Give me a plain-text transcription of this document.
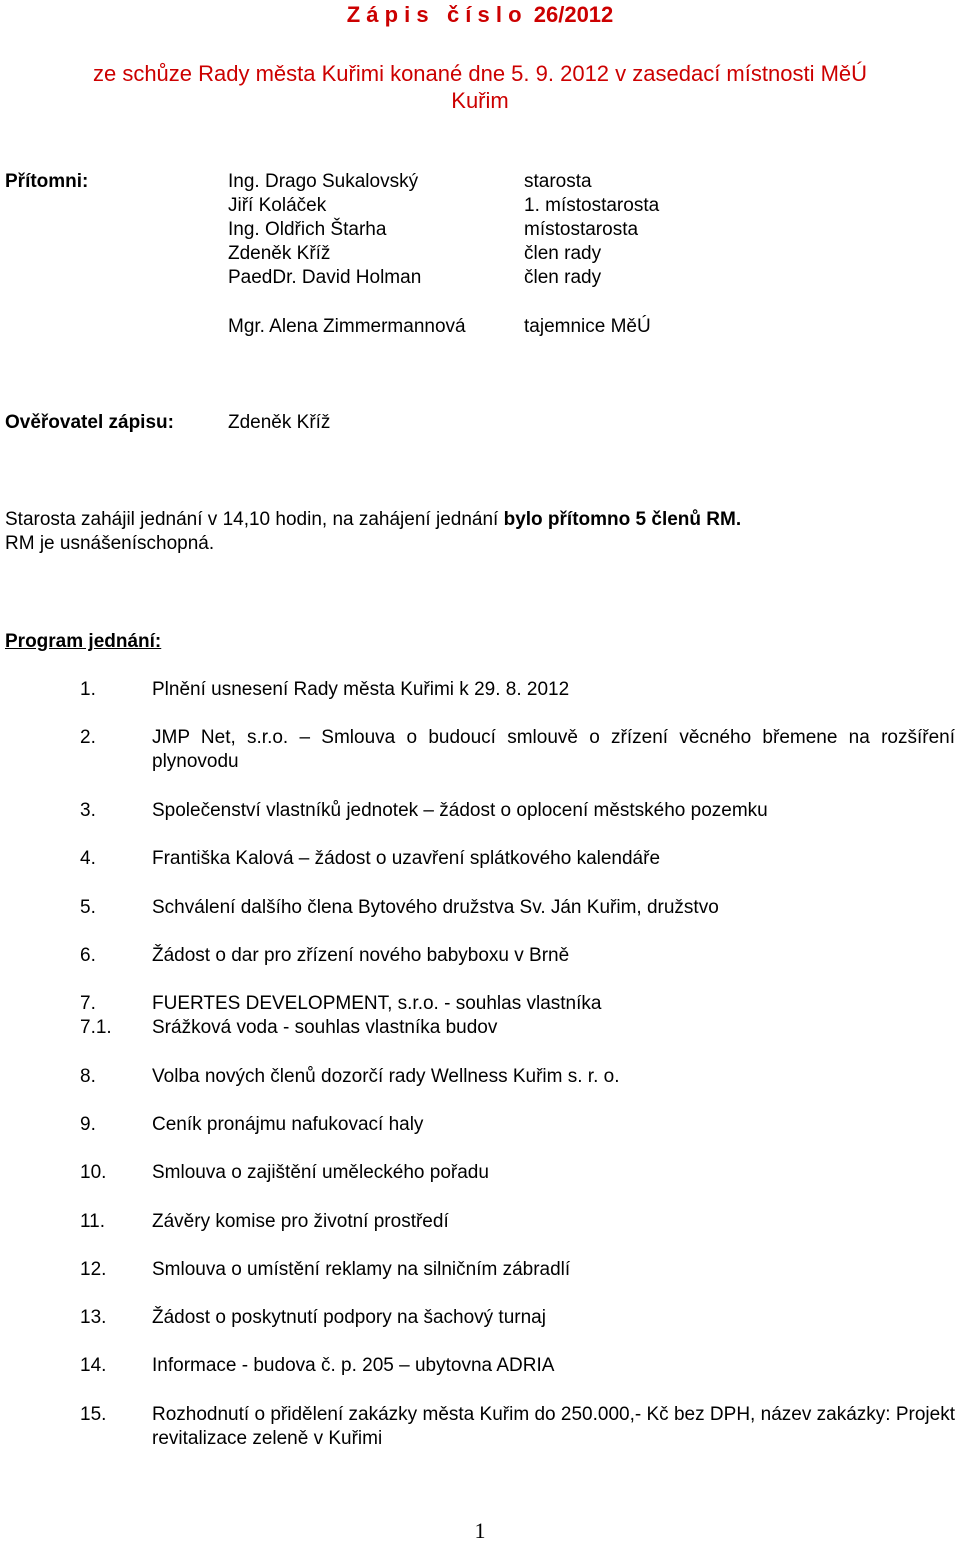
Z á p i s   č í s l o  26/2012
ze schůze Rady města Kuřimi konané dne 5. 9. 2012 v zasedací místnosti MěÚ
Kuřim
Přítomni:	Ing. Drago Sukalovský	starosta
Jiří Koláček	1. místostarosta
Ing. Oldřich Štarha	místostarosta
Zdeněk Kříž	člen rady
PaedDr. David Holman	člen rady
Mgr. Alena Zimmermannová	tajemnice MěÚ
Ověřovatel zápisu:	Zdeněk Kříž
Starosta zahájil jednání v 14,10 hodin, na zahájení jednání bylo přítomno 5 členů RM.
RM je usnášeníschopná.
Program jednání:
1.	Plnění usnesení Rady města Kuřimi k 29. 8. 2012
2.	JMP Net, s.r.o. – Smlouva o budoucí smlouvě o zřízení věcného břemene na rozšíření plynovodu
3.	Společenství vlastníků jednotek – žádost o oplocení městského pozemku
4.	Františka Kalová – žádost o uzavření splátkového kalendáře
5.	Schválení dalšího člena Bytového družstva Sv. Ján Kuřim, družstvo
6.	Žádost o dar pro zřízení nového babyboxu v Brně
7.	FUERTES DEVELOPMENT, s.r.o. - souhlas vlastníka
7.1. Srážková voda - souhlas vlastníka budov
8.	Volba nových členů dozorčí rady Wellness Kuřim s. r. o.
9.	Ceník pronájmu nafukovací haly
10. Smlouva o zajištění uměleckého pořadu
11. Závěry komise pro životní prostředí
12. Smlouva o umístění reklamy na silničním zábradlí
13. Žádost o poskytnutí podpory na šachový turnaj
14. Informace - budova č. p. 205 – ubytovna ADRIA
15. Rozhodnutí o přidělení zakázky města Kuřim do 250.000,- Kč bez DPH, název zakázky: Projekt revitalizace zeleně v Kuřimi
1
